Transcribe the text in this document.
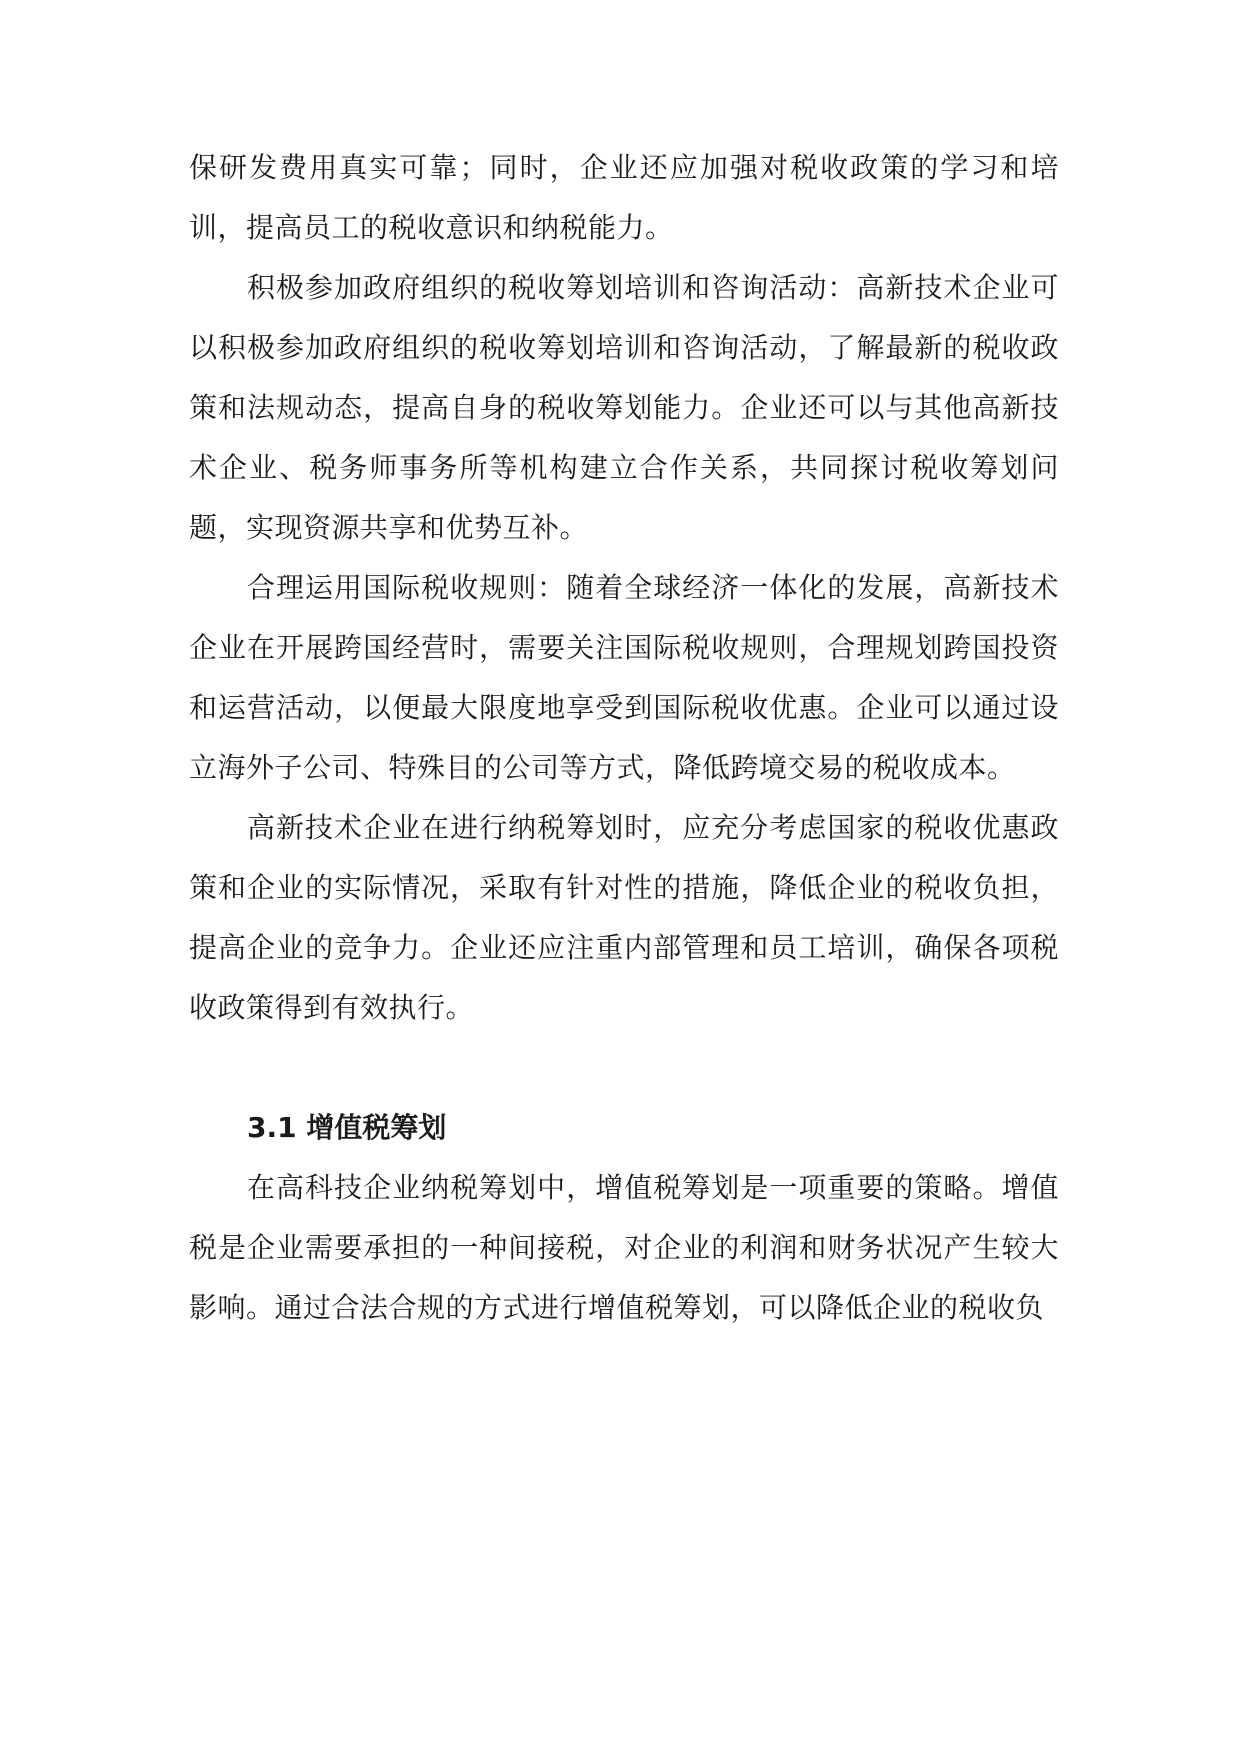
保研发费用真实可靠；同时，企业还应加强对税收政策的学习和培训，提高员工的税收意识和纳税能力。

积极参加政府组织的税收筹划培训和咨询活动：高新技术企业可以积极参加政府组织的税收筹划培训和咨询活动，了解最新的税收政策和法规动态，提高自身的税收筹划能力。企业还可以与其他高新技术企业、税务师事务所等机构建立合作关系，共同探讨税收筹划问题，实现资源共享和优势互补。

合理运用国际税收规则：随着全球经济一体化的发展，高新技术企业在开展跨国经营时，需要关注国际税收规则，合理规划跨国投资和运营活动，以便最大限度地享受到国际税收优惠。企业可以通过设立海外子公司、特殊目的公司等方式，降低跨境交易的税收成本。

高新技术企业在进行纳税筹划时，应充分考虑国家的税收优惠政策和企业的实际情况，采取有针对性的措施，降低企业的税收负担，提高企业的竞争力。企业还应注重内部管理和员工培训，确保各项税收政策得到有效执行。

3.1 增值税筹划

在高科技企业纳税筹划中，增值税筹划是一项重要的策略。增值税是企业需要承担的一种间接税，对企业的利润和财务状况产生较大影响。通过合法合规的方式进行增值税筹划，可以降低企业的税收负
